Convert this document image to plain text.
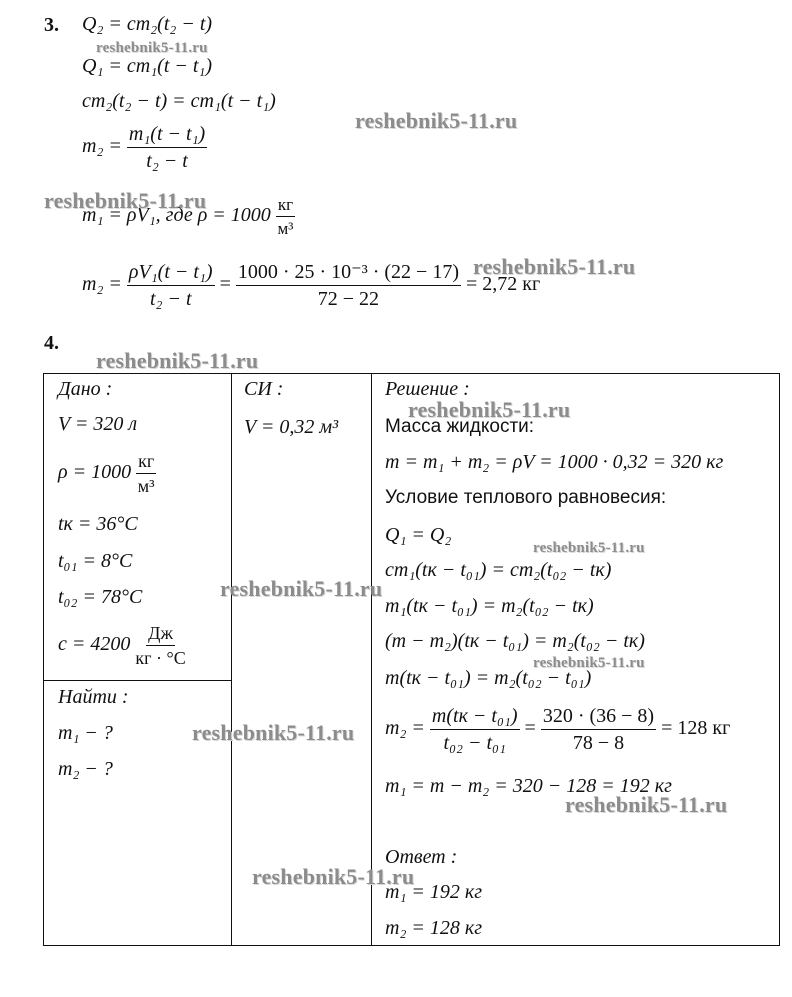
3. Q₂ = cm₂(t₂ − t)
Q₁ = cm₁(t − t₁)
cm₂(t₂ − t) = cm₁(t − t₁)
$m_2 = \frac{\text{m₁(t − t₁)}}{\text{t₂ − t}}$
m₁ = ρV₁, где $\rho = 1000 \frac{кг}{\text{м³}}$
$m_2 = \frac{\text{ρV₁(t − t₁)}}{\text{t₂ − t}} = \frac{\text{1000 · 25 · 10⁻³ · (22 − 17)}}{72 - 22} = 2,72$ кг
4.
Дано :
V = 320 л
$\rho = 1000 \frac{кг}{\text{м³}}$
tк = 36°C
t₀₁ = 8°C
t₀₂ = 78°C
$c = 4200 \frac{Дж}{кг \cdot ^\circ C}$
Найти :
m₁ − ?
m₂ − ?
СИ :
V = 0,32 м³
Решение :
Масса жидкости:
m = m₁ + m₂ = ρV = 1000 · 0,32 = 320 кг
Условие теплового равновесия:
Q₁ = Q₂
cm₁(tк − t₀₁) = cm₂(t₀₂ − tк)
m₁(tк − t₀₁) = m₂(t₀₂ − tк)
(m − m₂)(tк − t₀₁) = m₂(t₀₂ − tк)
m(tк − t₀₁) = m₂(t₀₂ − t₀₁)
$m_2 = \frac{\text{m(tк − t₀₁)}}{\text{t₀₂ − t₀₁}} = \frac{320 \cdot (36 - 8)}{78 - 8} = 128$ кг
m₁ = m − m₂ = 320 − 128 = 192 кг
Ответ :
m₁ = 192 кг
m₂ = 128 кг
reshebnik5-11.ru
reshebnik5-11.ru
reshebnik5-11.ru
reshebnik5-11.ru
reshebnik5-11.ru
reshebnik5-11.ru
reshebnik5-11.ru
reshebnik5-11.ru
reshebnik5-11.ru
reshebnik5-11.ru
reshebnik5-11.ru
reshebnik5-11.ru
